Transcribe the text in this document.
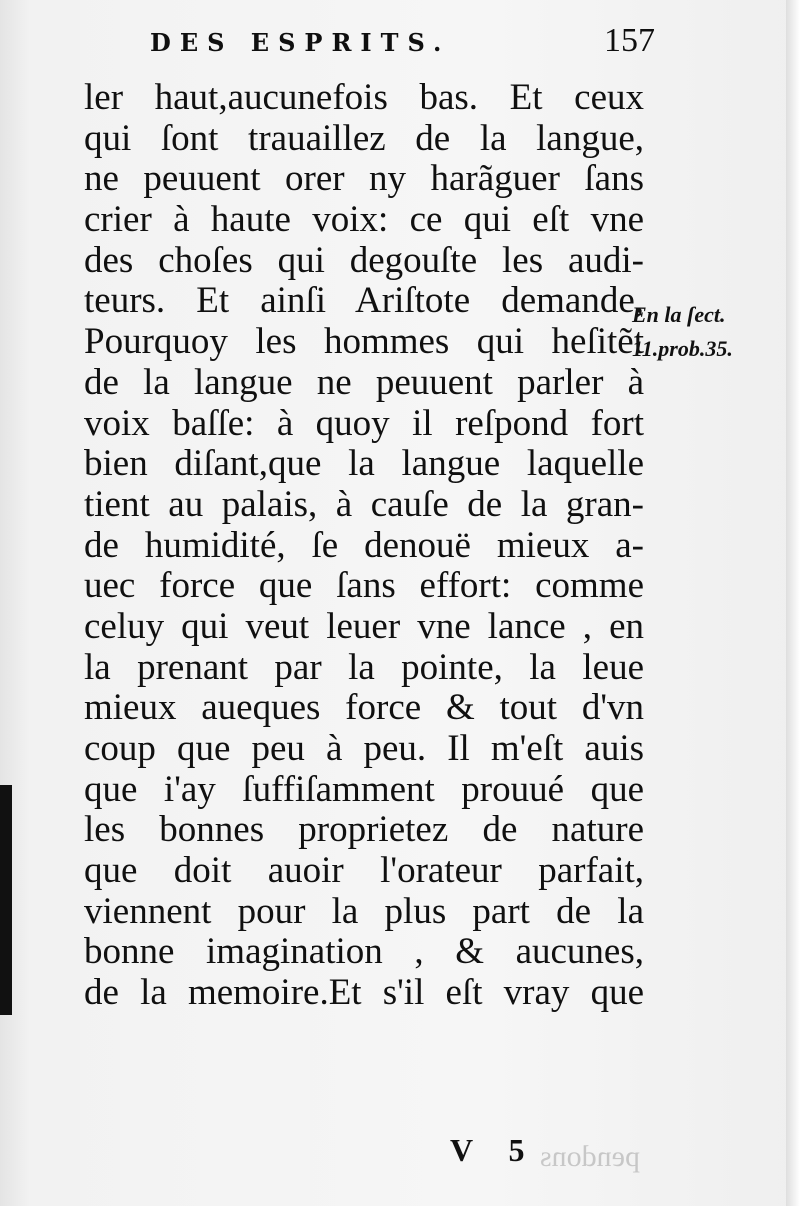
DES ESPRITS.	157
ler haut,aucunefois bas. Et ceux
qui ſont trauaillez de la langue,
ne peuuent orer ny harãguer ſans
crier à haute voix: ce qui eſt vne
des choſes qui degouſte les audi-
teurs. Et ainſi Ariſtote demande,
Pourquoy les hommes qui heſitẽt
de la langue ne peuuent parler à
voix baſſe: à quoy il reſpond fort
bien diſant,que la langue laquelle
tient au palais, à cauſe de la gran-
de humidité, ſe denouë mieux a-
uec force que ſans effort: comme
celuy qui veut leuer vne lance , en
la prenant par la pointe, la leue
mieux aueques force & tout d'vn
coup que peu à peu. Il m'eſt auis
que i'ay ſuffiſamment prouué que
les bonnes proprietez de nature
que doit auoir l'orateur parfait,
viennent pour la plus part de la
bonne imagination , & aucunes,
de la memoire.Et s'il eſt vray que
En la ſect.
11.prob.35.
V 5 pendons
